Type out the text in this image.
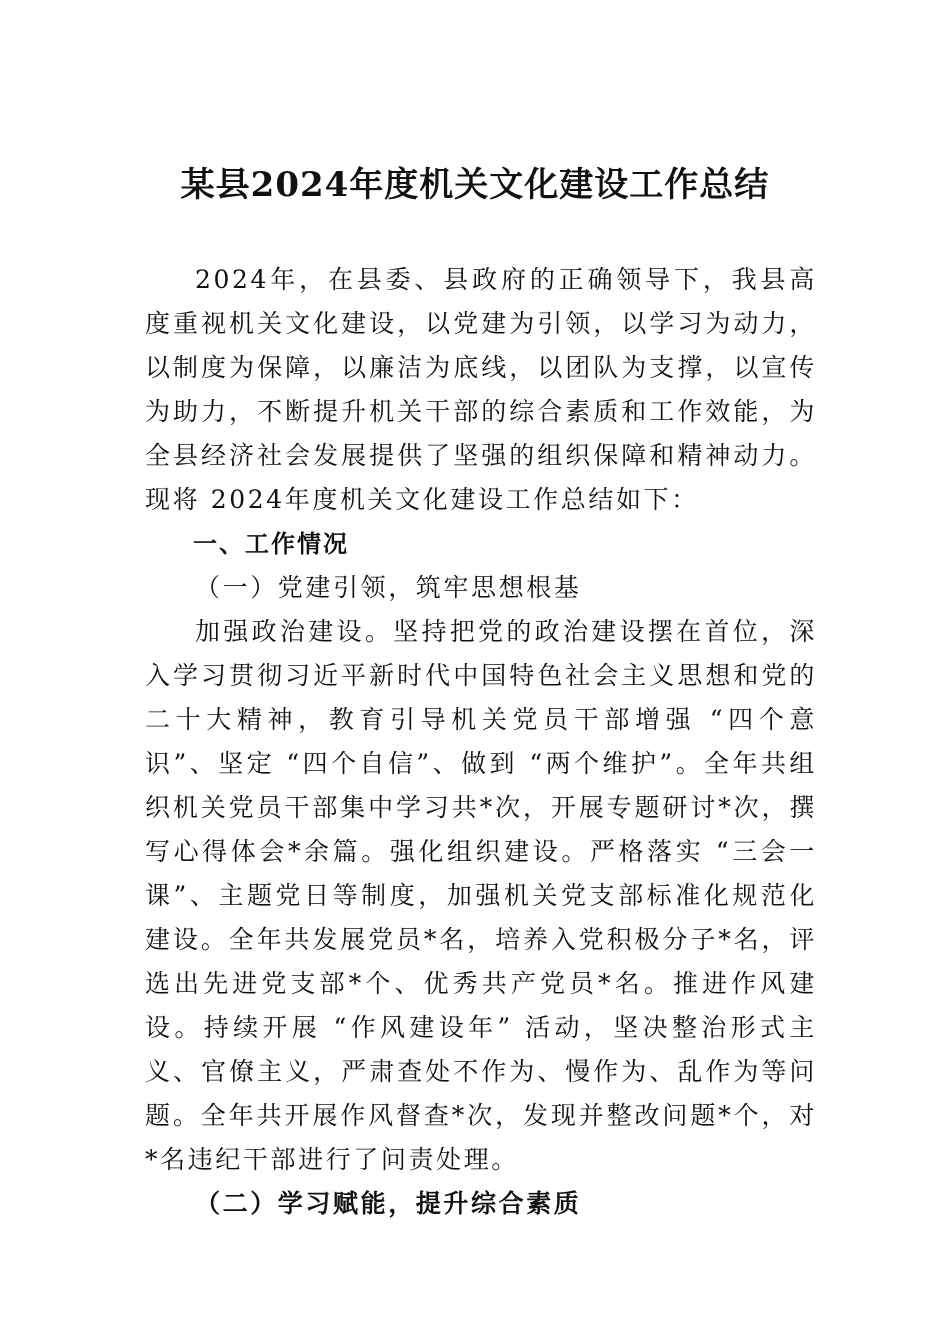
某县2024年度机关文化建设工作总结

2024年，在县委、县政府的正确领导下，我县高度重视机关文化建设，以党建为引领，以学习为动力，以制度为保障，以廉洁为底线，以团队为支撑，以宣传为助力，不断提升机关干部的综合素质和工作效能，为全县经济社会发展提供了坚强的组织保障和精神动力。现将 2024年度机关文化建设工作总结如下：

一、工作情况

（一）党建引领，筑牢思想根基

加强政治建设。坚持把党的政治建设摆在首位，深入学习贯彻习近平新时代中国特色社会主义思想和党的二十大精神，教育引导机关党员干部增强 “四个意识”、坚定 “四个自信”、做到 “两个维护”。全年共组织机关党员干部集中学习共*次，开展专题研讨*次，撰写心得体会*余篇。强化组织建设。严格落实 “三会一课”、主题党日等制度，加强机关党支部标准化规范化建设。全年共发展党员*名，培养入党积极分子*名，评选出先进党支部*个、优秀共产党员*名。推进作风建设。持续开展 “作风建设年” 活动，坚决整治形式主义、官僚主义，严肃查处不作为、慢作为、乱作为等问题。全年共开展作风督查*次，发现并整改问题*个，对*名违纪干部进行了问责处理。

（二）学习赋能，提升综合素质
